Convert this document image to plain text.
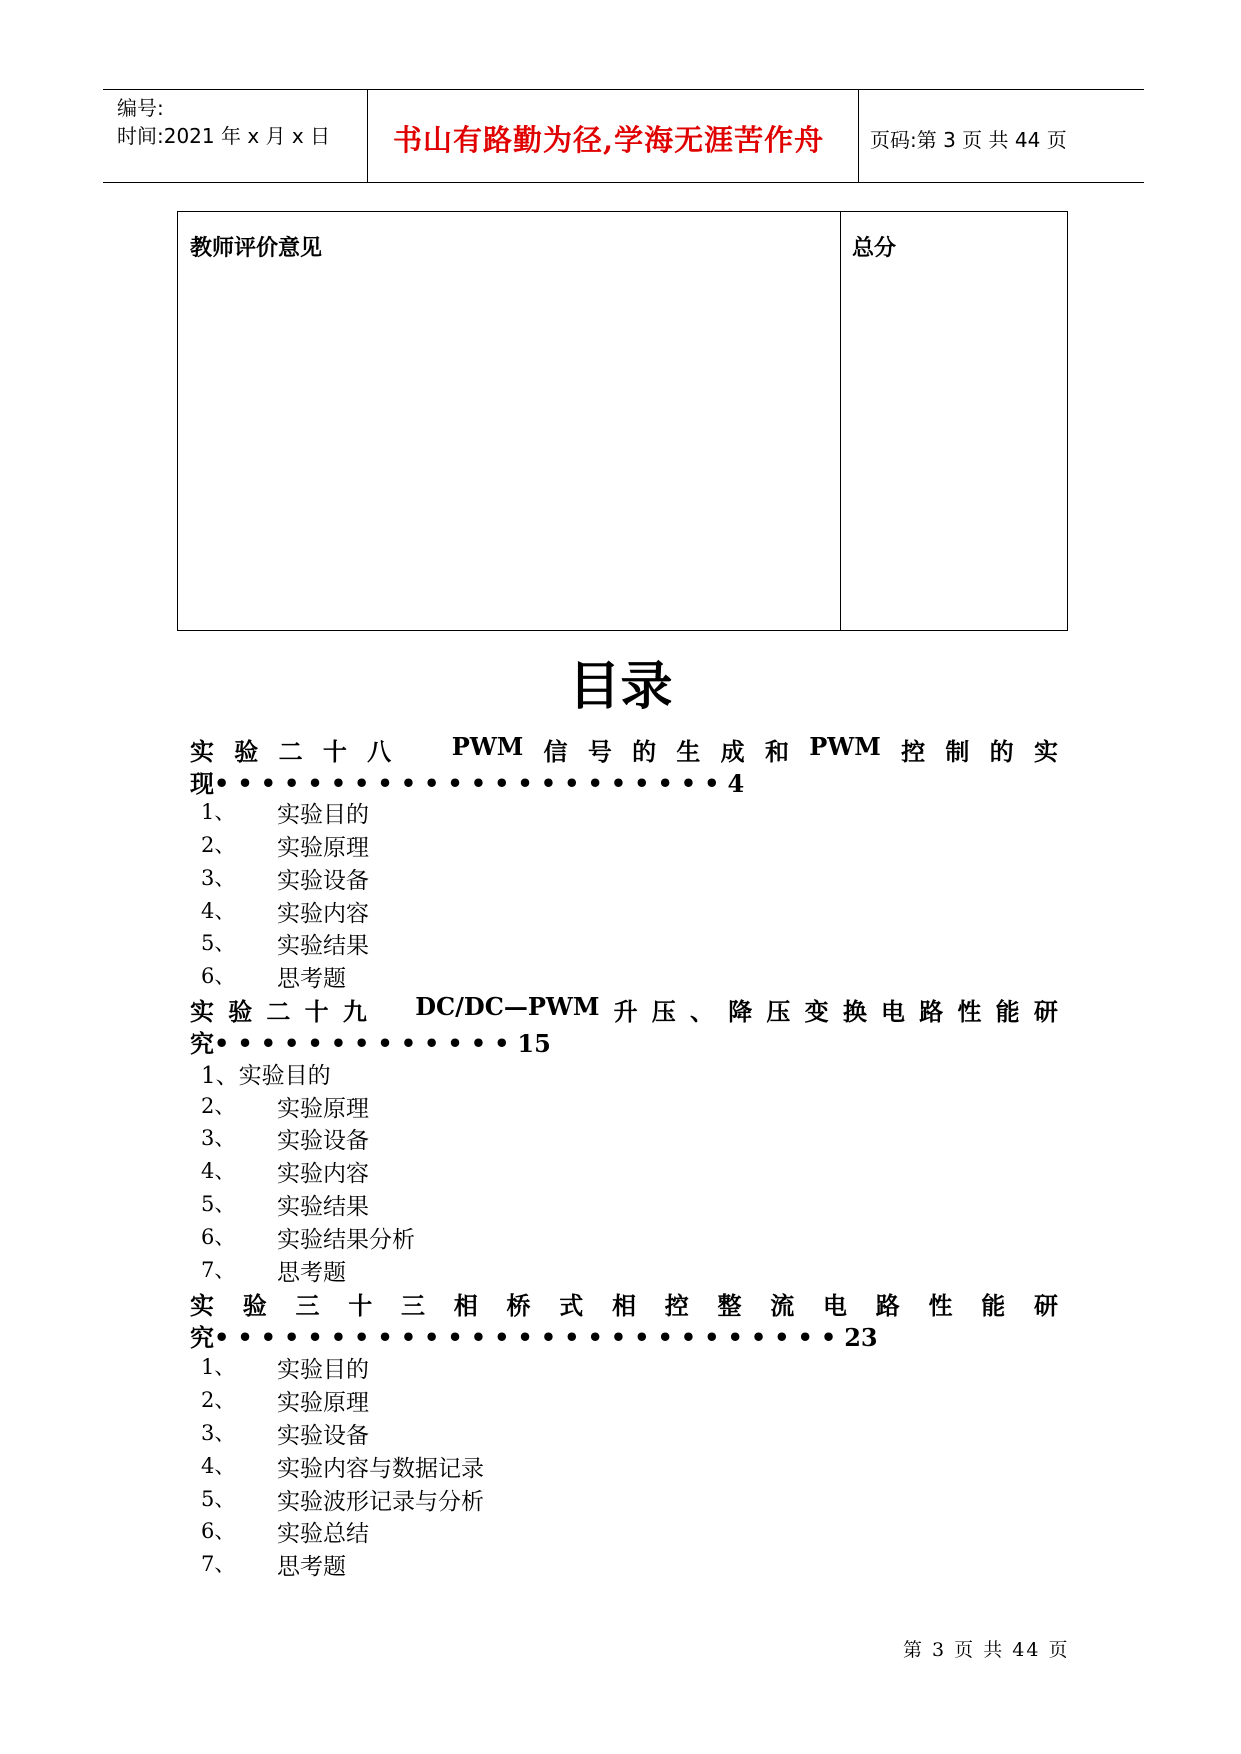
编号:
时间:2021 年 x 月 x 日 书山有路勤为径,学海无涯苦作舟 页码:第 3 页 共 44 页
教师评价意见	总分
目录
实 验 二 十 八	PWM 信 号 的 生 成 和 PWM 控 制 的 实
现••••••••••••••••••••••4
1、 实验目的
2、 实验原理
3、 实验设备
4、 实验内容
5、 实验结果
6、 思考题
实 验 二 十 九 DC/DC—PWM 升 压 、 降 压 变 换 电 路 性 能 研
究•••••••••••••15
1、实验目的
2、 实验原理
3、 实验设备
4、 实验内容
5、 实验结果
6、 实验结果分析
7、 思考题
实 验 三 十 三 相 桥 式 相 控 整 流 电 路 性 能 研
究•••••••••••••••••••••••••••23
1、 实验目的
2、 实验原理
3、 实验设备
4、 实验内容与数据记录
5、 实验波形记录与分析
6、 实验总结
7、 思考题
第 3 页 共 44 页
